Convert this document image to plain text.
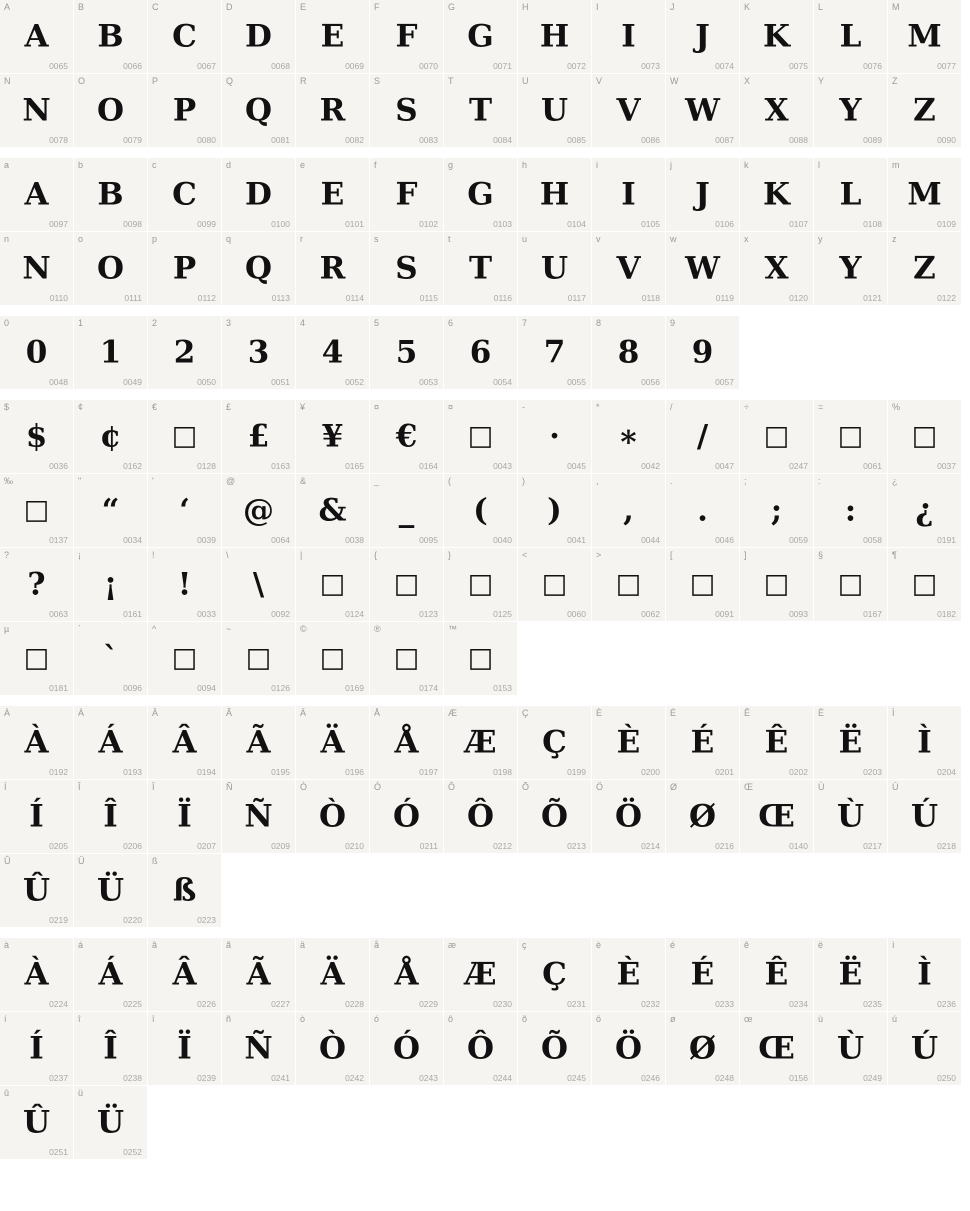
A
A
0065
B
B
0066
C
C
0067
D
D
0068
E
E
0069
F
F
0070
G
G
0071
H
H
0072
I
I
0073
J
J
0074
K
K
0075
L
L
0076
M
M
0077
N
N
0078
O
O
0079
P
P
0080
Q
Q
0081
R
R
0082
S
S
0083
T
T
0084
U
U
0085
V
V
0086
W
W
0087
X
X
0088
Y
Y
0089
Z
Z
0090
a
A
0097
b
B
0098
c
C
0099
d
D
0100
e
E
0101
f
F
0102
g
G
0103
h
H
0104
i
I
0105
j
J
0106
k
K
0107
l
L
0108
m
M
0109
n
N
0110
o
O
0111
p
P
0112
q
Q
0113
r
R
0114
s
S
0115
t
T
0116
u
U
0117
v
V
0118
w
W
0119
x
X
0120
y
Y
0121
z
Z
0122
0
0
0048
1
1
0049
2
2
0050
3
3
0051
4
4
0052
5
5
0053
6
6
0054
7
7
0055
8
8
0056
9
9
0057
$
$
0036
¢
¢
0162
€
□
0128
£
£
0163
¥
¥
0165
¤
€
0164
¤
□
0043
-
·
0045
*
∗
0042
/
/
0047
÷
□
0247
=
□
0061
%
□
0037
‰
□
0137
"
“
0034
'
‘
0039
@
@
0064
&
&
0038
_
_
0095
(
(
0040
)
)
0041
,
,
0044
.
.
0046
;
;
0059
:
:
0058
¿
¿
0191
?
?
0063
¡
¡
0161
!
!
0033
\
\
0092
|
□
0124
{
□
0123
}
□
0125
<
□
0060
>
□
0062
[
□
0091
]
□
0093
§
□
0167
¶
□
0182
µ
□
0181
`
`
0096
^
□
0094
~
□
0126
©
□
0169
®
□
0174
™
□
0153
À
À
0192
Á
Á
0193
Â
Â
0194
Ã
Ã
0195
Ä
Ä
0196
Å
Å
0197
Æ
Æ
0198
Ç
Ç
0199
È
È
0200
É
É
0201
Ê
Ê
0202
Ë
Ë
0203
Ì
Ì
0204
Í
Í
0205
Î
Î
0206
Ï
Ï
0207
Ñ
Ñ
0209
Ò
Ò
0210
Ó
Ó
0211
Ô
Ô
0212
Õ
Õ
0213
Ö
Ö
0214
Ø
Ø
0216
Œ
Œ
0140
Ù
Ù
0217
Ú
Ú
0218
Û
Û
0219
Ü
Ü
0220
ß
ß
0223
à
À
0224
á
Á
0225
â
Â
0226
ã
Ã
0227
ä
Ä
0228
å
Å
0229
æ
Æ
0230
ç
Ç
0231
è
È
0232
é
É
0233
ê
Ê
0234
ë
Ë
0235
ì
Ì
0236
í
Í
0237
î
Î
0238
ï
Ï
0239
ñ
Ñ
0241
ò
Ò
0242
ó
Ó
0243
ô
Ô
0244
õ
Õ
0245
ö
Ö
0246
ø
Ø
0248
œ
Œ
0156
ù
Ù
0249
ú
Ú
0250
û
Û
0251
ü
Ü
0252
